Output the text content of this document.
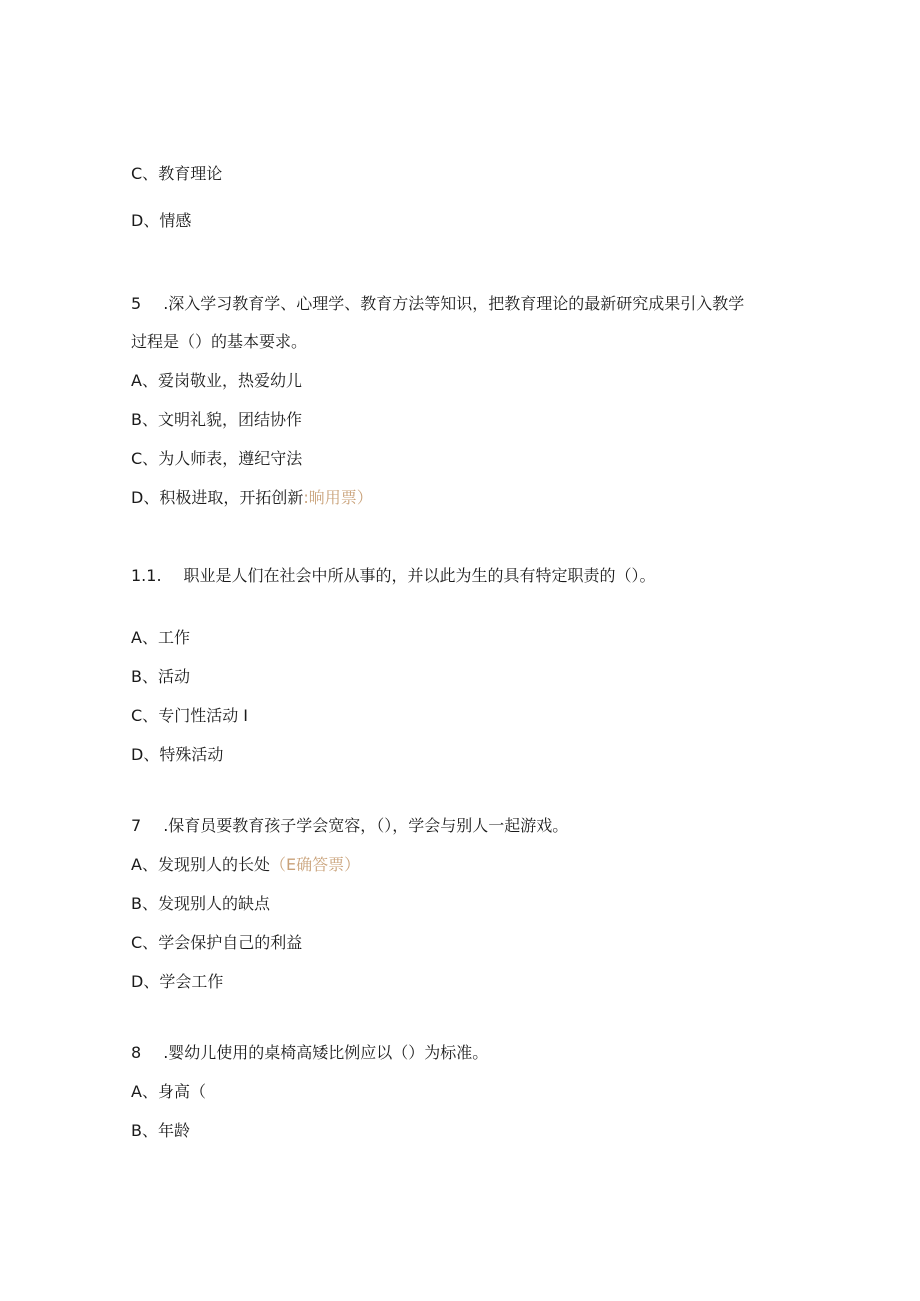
C、教育理论
D、情感
5 .深入学习教育学、心理学、教育方法等知识，把教育理论的最新研究成果引入教学
过程是（）的基本要求。
A、爱岗敬业，热爱幼儿
B、文明礼貌，团结协作
C、为人师表，遵纪守法
D、积极进取，开拓创新:晌用票）
1.1. 职业是人们在社会中所从事的，并以此为生的具有特定职责的（）。
A、工作
B、活动
C、专门性活动 I
D、特殊活动
7 .保育员要教育孩子学会宽容，（），学会与别人一起游戏。
A、发现别人的长处（E确答票）
B、发现别人的缺点
C、学会保护自己的利益
D、学会工作
8 .婴幼儿使用的桌椅高矮比例应以（）为标准。
A、身高（
B、年龄
